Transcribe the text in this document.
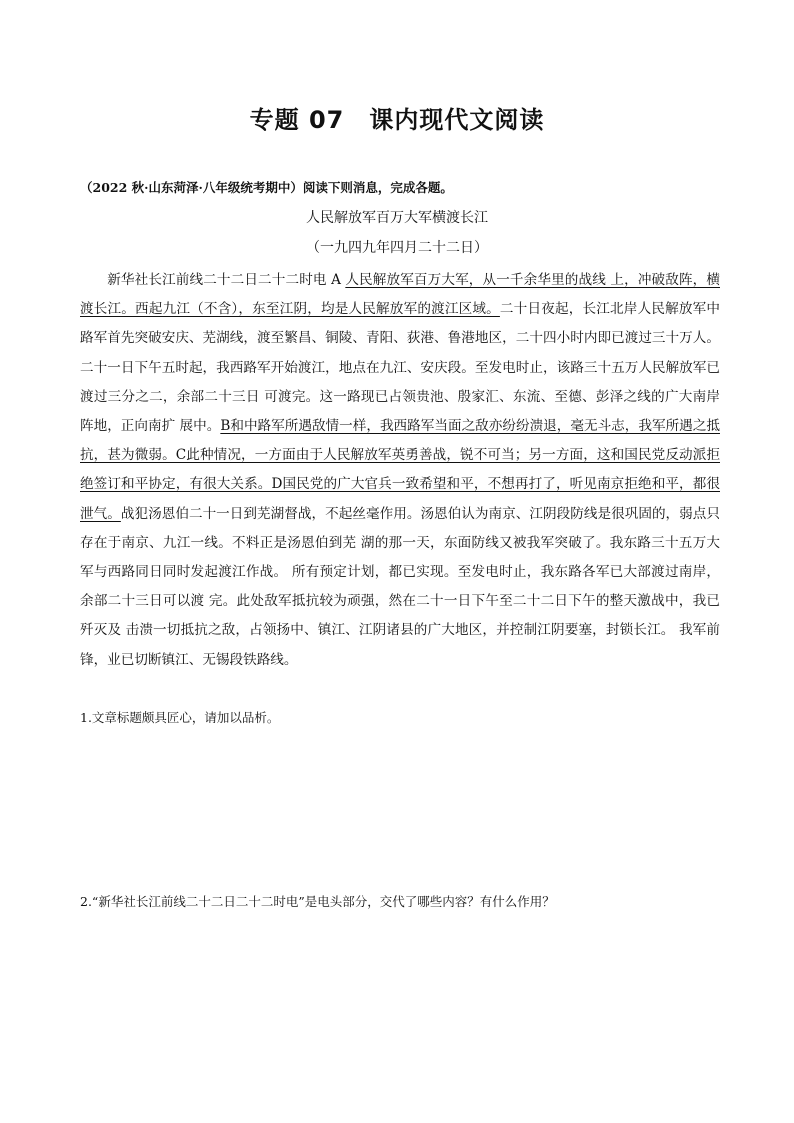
专题 07　课内现代文阅读

（2022 秋·山东菏泽·八年级统考期中）阅读下则消息，完成各题。

人民解放军百万大军横渡长江

（一九四九年四月二十二日）

新华社长江前线二十二日二十二时电 A 人民解放军百万大军，从一千余华里的战线 上，冲破敌阵，横渡长江。西起九江（不含），东至江阴，均是人民解放军的渡江区域。二十日夜起，长江北岸人民解放军中路军首先突破安庆、芜湖线，渡至繁昌、铜陵、青阳、荻港、鲁港地区，二十四小时内即已渡过三十万人。二十一日下午五时起，我西路军开始渡江，地点在九江、安庆段。至发电时止，该路三十五万人民解放军已渡过三分之二，余部二十三日 可渡完。这一路现已占领贵池、殷家汇、东流、至德、彭泽之线的广大南岸阵地，正向南扩 展中。B和中路军所遇敌情一样，我西路军当面之敌亦纷纷溃退，毫无斗志，我军所遇之抵抗，甚为微弱。C此种情况，一方面由于人民解放军英勇善战，锐不可当；另一方面，这和国民党反动派拒绝签订和平协定，有很大关系。D国民党的广大官兵一致希望和平，不想再打了，听见南京拒绝和平，都很泄气。战犯汤恩伯二十一日到芜湖督战，不起丝毫作用。汤恩伯认为南京、江阴段防线是很巩固的，弱点只存在于南京、九江一线。不料正是汤恩伯到芜 湖的那一天，东面防线又被我军突破了。我东路三十五万大军与西路同日同时发起渡江作战。 所有预定计划，都已实现。至发电时止，我东路各军已大部渡过南岸，余部二十三日可以渡 完。此处敌军抵抗较为顽强，然在二十一日下午至二十二日下午的整天激战中，我已歼灭及 击溃一切抵抗之敌，占领扬中、镇江、江阴诸县的广大地区，并控制江阴要塞，封锁长江。 我军前锋，业已切断镇江、无锡段铁路线。

1.文章标题颇具匠心，请加以品析。

2.“新华社长江前线二十二日二十二时电”是电头部分，交代了哪些内容？有什么作用？
